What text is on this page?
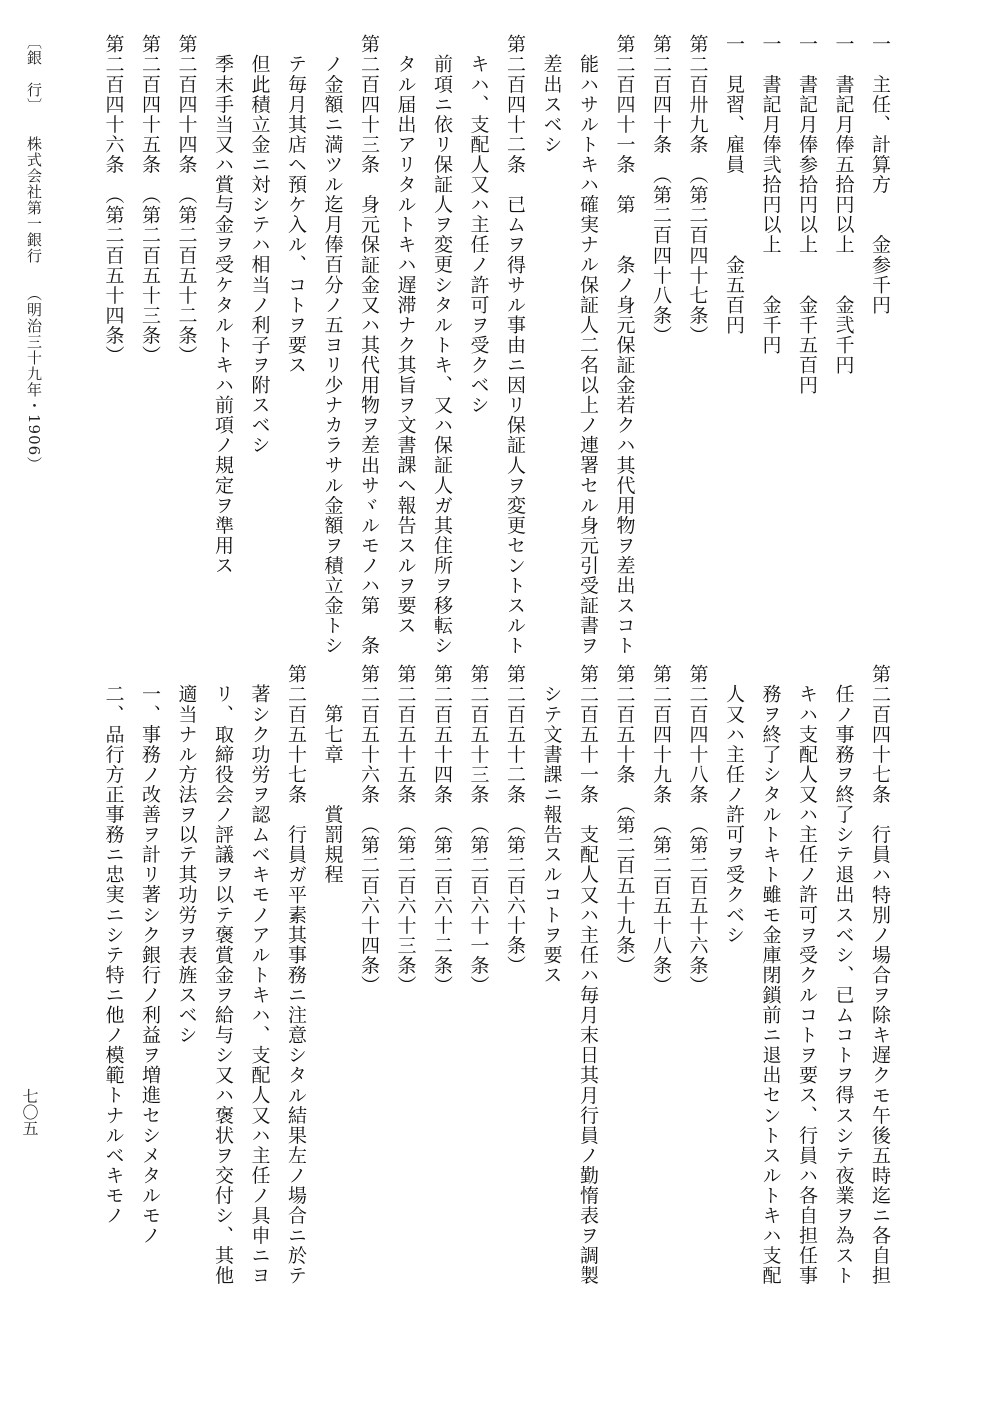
一　主任、計算方　　金参千円
一　書記月俸五拾円以上　　金弐千円
一　書記月俸参拾円以上　　金千五百円
一　書記月俸弐拾円以上　　金千円
一　見習、雇員　　　　金五百円
第二百卅九条　（第二百四十七条）
第二百四十条　（第二百四十八条）
第二百四十一条　第　　条ノ身元保証金若クハ其代用物ヲ差出スコト
能ハサルトキハ確実ナル保証人二名以上ノ連署セル身元引受証書ヲ
差出スベシ
第二百四十二条　已ムヲ得サル事由ニ因リ保証人ヲ変更セントスルト
キハ、支配人又ハ主任ノ許可ヲ受クベシ
前項ニ依リ保証人ヲ変更シタルトキ、又ハ保証人ガ其住所ヲ移転シ
タル届出アリタルトキハ遅滞ナク其旨ヲ文書課ヘ報告スルヲ要ス
第二百四十三条　身元保証金又ハ其代用物ヲ差出サヾルモノハ第　条
ノ金額ニ満ツル迄月俸百分ノ五ヨリ少ナカラサル金額ヲ積立金トシ
テ毎月其店ヘ預ケ入ル、コトヲ要ス
但此積立金ニ対シテハ相当ノ利子ヲ附スベシ
季末手当又ハ賞与金ヲ受ケタルトキハ前項ノ規定ヲ準用ス
第二百四十四条　（第二百五十二条）
第二百四十五条　（第二百五十三条）
第二百四十六条　（第二百五十四条）
第二百四十七条　行員ハ特別ノ場合ヲ除キ遅クモ午後五時迄ニ各自担
任ノ事務ヲ終了シテ退出スベシ、已ムコトヲ得スシテ夜業ヲ為スト
キハ支配人又ハ主任ノ許可ヲ受クルコトヲ要ス、行員ハ各自担任事
務ヲ終了シタルトキト雖モ金庫閉鎖前ニ退出セントスルトキハ支配
人又ハ主任ノ許可ヲ受クベシ
第二百四十八条　（第二百五十六条）
第二百四十九条　（第二百五十八条）
第二百五十条　（第二百五十九条）
第二百五十一条　支配人又ハ主任ハ毎月末日其月行員ノ勤惰表ヲ調製
シテ文書課ニ報告スルコトヲ要ス
第二百五十二条　（第二百六十条）
第二百五十三条　（第二百六十一条）
第二百五十四条　（第二百六十二条）
第二百五十五条　（第二百六十三条）
第二百五十六条　（第二百六十四条）
第七章　　賞罰規程
第二百五十七条　行員ガ平素其事務ニ注意シタル結果左ノ場合ニ於テ
著シク功労ヲ認ムベキモノアルトキハ、支配人又ハ主任ノ具申ニヨ
リ、取締役会ノ評議ヲ以テ褒賞金ヲ給与シ又ハ褒状ヲ交付シ、其他
適当ナル方法ヲ以テ其功労ヲ表旌スベシ
一、事務ノ改善ヲ計リ著シク銀行ノ利益ヲ増進セシメタルモノ
二、品行方正事務ニ忠実ニシテ特ニ他ノ模範トナルベキモノ
〔銀　行〕 株式会社第一銀行 （明治三十九年・1906）
七〇五
